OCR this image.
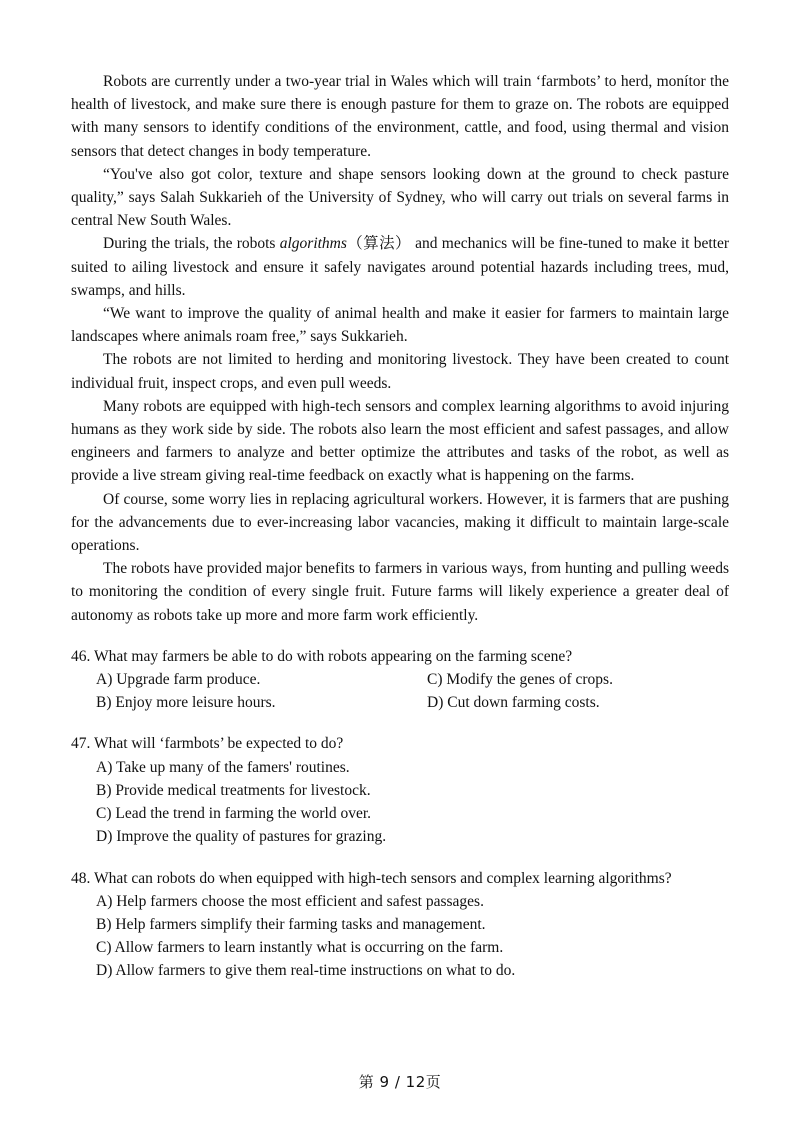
Robots are currently under a two-year trial in Wales which will train ‘farmbots’ to herd, monítor the health of livestock, and make sure there is enough pasture for them to graze on. The robots are equipped with many sensors to identify conditions of the environment, cattle, and food, using thermal and vision sensors that detect changes in body temperature.

“You've also got color, texture and shape sensors looking down at the ground to check pasture quality,” says Salah Sukkarieh of the University of Sydney, who will carry out trials on several farms in central New South Wales.

During the trials, the robots algorithms（算法） and mechanics will be fine-tuned to make it better suited to ailing livestock and ensure it safely navigates around potential hazards including trees, mud, swamps, and hills.

“We want to improve the quality of animal health and make it easier for farmers to maintain large landscapes where animals roam free,” says Sukkarieh.

The robots are not limited to herding and monitoring livestock. They have been created to count individual fruit, inspect crops, and even pull weeds.

Many robots are equipped with high-tech sensors and complex learning algorithms to avoid injuring humans as they work side by side. The robots also learn the most efficient and safest passages, and allow engineers and farmers to analyze and better optimize the attributes and tasks of the robot, as well as provide a live stream giving real-time feedback on exactly what is happening on the farms.

Of course, some worry lies in replacing agricultural workers. However, it is farmers that are pushing for the advancements due to ever-increasing labor vacancies, making it difficult to maintain large-scale operations.

The robots have provided major benefits to farmers in various ways, from hunting and pulling weeds to monitoring the condition of every single fruit. Future farms will likely experience a greater deal of autonomy as robots take up more and more farm work efficiently.

46. What may farmers be able to do with robots appearing on the farming scene?

A) Upgrade farm produce.	C) Modify the genes of crops.
B) Enjoy more leisure hours.	D) Cut down farming costs.

47. What will ‘farmbots’ be expected to do?

A) Take up many of the famers' routines.
B) Provide medical treatments for livestock.
C) Lead the trend in farming the world over.
D) Improve the quality of pastures for grazing.

48. What can robots do when equipped with high-tech sensors and complex learning algorithms?

A) Help farmers choose the most efficient and safest passages.
B) Help farmers simplify their farming tasks and management.
C) Allow farmers to learn instantly what is occurring on the farm.
D) Allow farmers to give them real-time instructions on what to do.
第 9 / 12页
